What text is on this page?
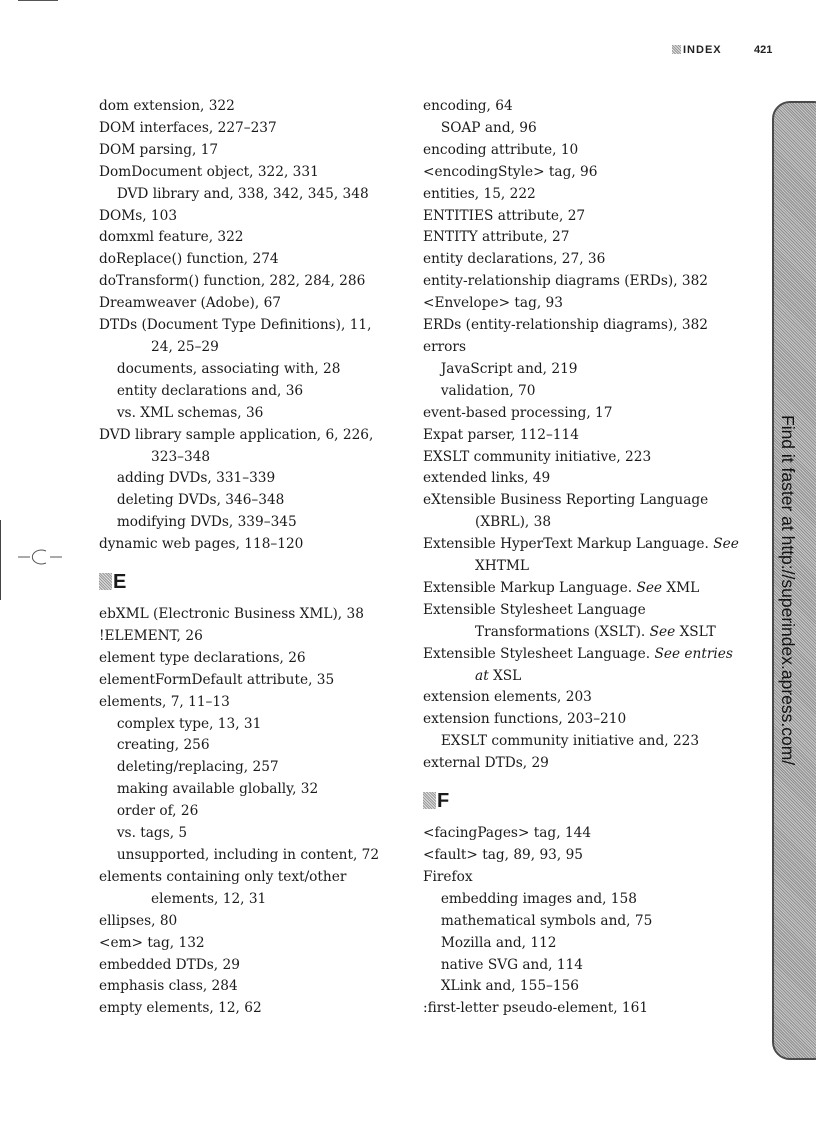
INDEX	421
dom extension, 322
DOM interfaces, 227–237
DOM parsing, 17
DomDocument object, 322, 331
DVD library and, 338, 342, 345, 348
DOMs, 103
domxml feature, 322
doReplace() function, 274
doTransform() function, 282, 284, 286
Dreamweaver (Adobe), 67
DTDs (Document Type Definitions), 11,
24, 25–29
documents, associating with, 28
entity declarations and, 36
vs. XML schemas, 36
DVD library sample application, 6, 226,
323–348
adding DVDs, 331–339
deleting DVDs, 346–348
modifying DVDs, 339–345
dynamic web pages, 118–120
E
ebXML (Electronic Business XML), 38
!ELEMENT, 26
element type declarations, 26
elementFormDefault attribute, 35
elements, 7, 11–13
complex type, 13, 31
creating, 256
deleting/replacing, 257
making available globally, 32
order of, 26
vs. tags, 5
unsupported, including in content, 72
elements containing only text/other
elements, 12, 31
ellipses, 80
<em> tag, 132
embedded DTDs, 29
emphasis class, 284
empty elements, 12, 62
encoding, 64
SOAP and, 96
encoding attribute, 10
<encodingStyle> tag, 96
entities, 15, 222
ENTITIES attribute, 27
ENTITY attribute, 27
entity declarations, 27, 36
entity-relationship diagrams (ERDs), 382
<Envelope> tag, 93
ERDs (entity-relationship diagrams), 382
errors
JavaScript and, 219
validation, 70
event-based processing, 17
Expat parser, 112–114
EXSLT community initiative, 223
extended links, 49
eXtensible Business Reporting Language
(XBRL), 38
Extensible HyperText Markup Language. See
XHTML
Extensible Markup Language. See XML
Extensible Stylesheet Language
Transformations (XSLT). See XSLT
Extensible Stylesheet Language. See entries
at XSL
extension elements, 203
extension functions, 203–210
EXSLT community initiative and, 223
external DTDs, 29
F
<facingPages> tag, 144
<fault> tag, 89, 93, 95
Firefox
embedding images and, 158
mathematical symbols and, 75
Mozilla and, 112
native SVG and, 114
XLink and, 155–156
:first-letter pseudo-element, 161
Find it faster at http://superindex.apress.com/
